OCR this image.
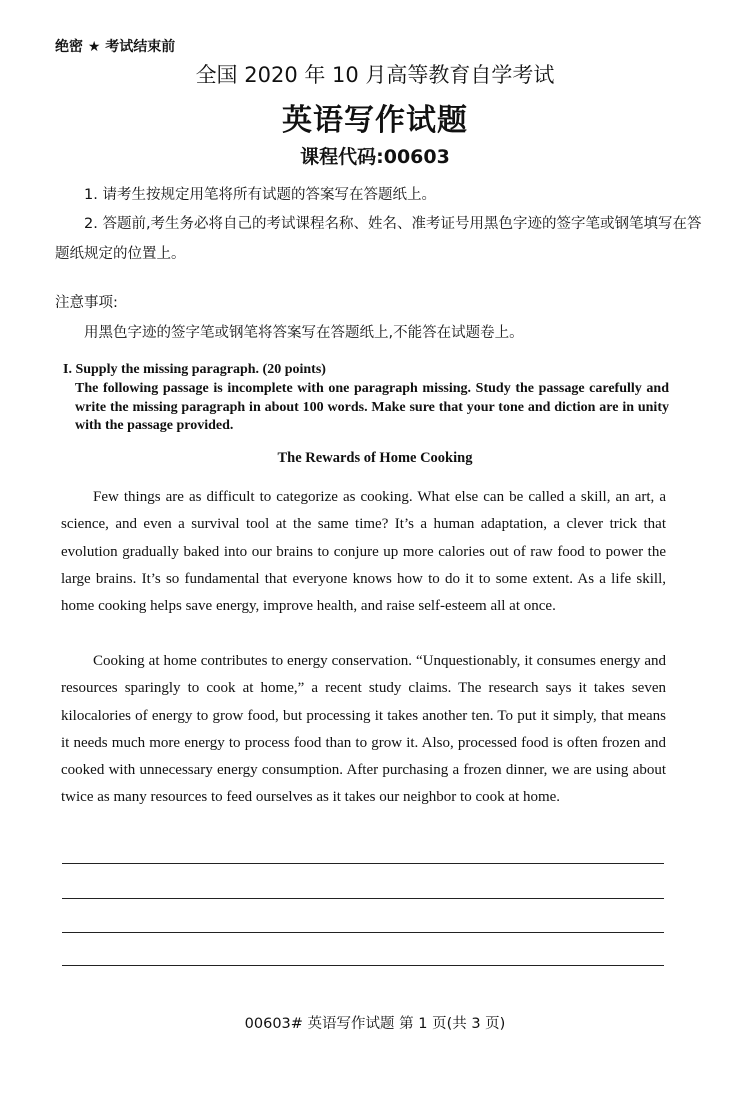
绝密 ★ 考试结束前
全国 2020 年 10 月高等教育自学考试
英语写作试题
课程代码:00603
1. 请考生按规定用笔将所有试题的答案写在答题纸上。
2. 答题前,考生务必将自己的考试课程名称、姓名、准考证号用黑色字迹的签字笔或钢笔填写在答题纸规定的位置上。
注意事项:
用黑色字迹的签字笔或钢笔将答案写在答题纸上,不能答在试题卷上。
I. Supply the missing paragraph. (20 points)
The following passage is incomplete with one paragraph missing. Study the passage carefully and write the missing paragraph in about 100 words. Make sure that your tone and diction are in unity with the passage provided.
The Rewards of Home Cooking
Few things are as difficult to categorize as cooking. What else can be called a skill, an art, a science, and even a survival tool at the same time? It’s a human adaptation, a clever trick that evolution gradually baked into our brains to conjure up more calories out of raw food to power the large brains. It’s so fundamental that everyone knows how to do it to some extent. As a life skill, home cooking helps save energy, improve health, and raise self-esteem all at once.
Cooking at home contributes to energy conservation. “Unquestionably, it consumes energy and resources sparingly to cook at home,” a recent study claims. The research says it takes seven kilocalories of energy to grow food, but processing it takes another ten. To put it simply, that means it needs much more energy to process food than to grow it. Also, processed food is often frozen and cooked with unnecessary energy consumption. After purchasing a frozen dinner, we are using about twice as many resources to feed ourselves as it takes our neighbor to cook at home.
00603# 英语写作试题 第 1 页(共 3 页)
